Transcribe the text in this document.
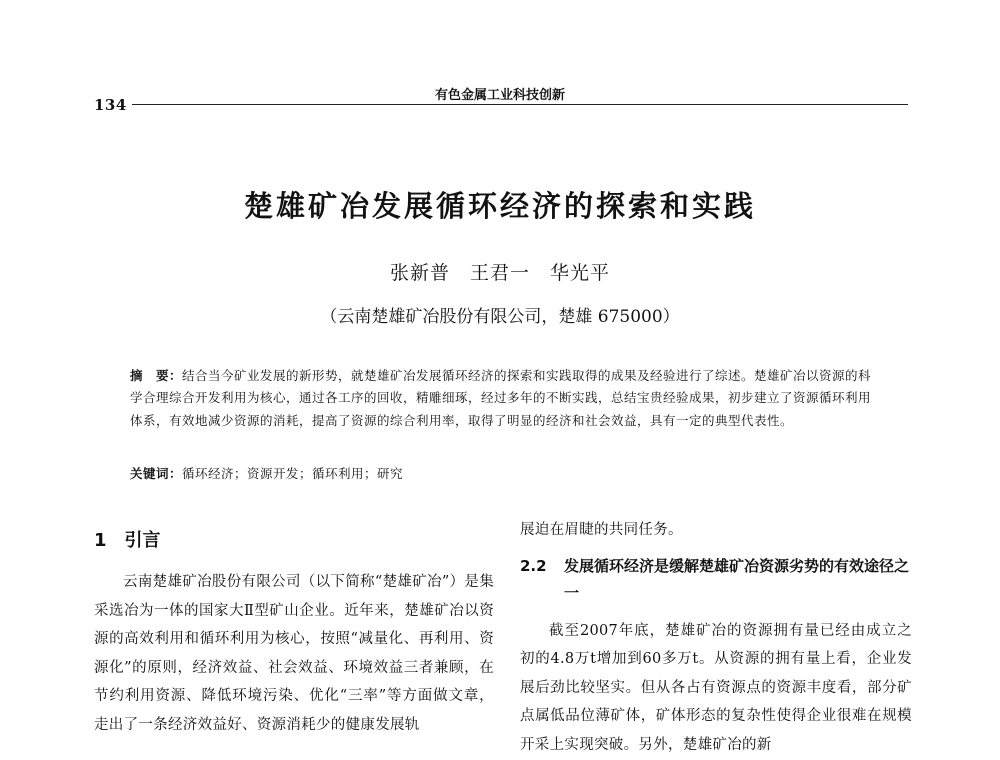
有色金属工业科技创新
134
楚雄矿冶发展循环经济的探索和实践
张新普　王君一　华光平
（云南楚雄矿冶股份有限公司，楚雄 675000）
摘　要：结合当今矿业发展的新形势，就楚雄矿冶发展循环经济的探索和实践取得的成果及经验进行了综述。楚雄矿冶以资源的科学合理综合开发利用为核心，通过各工序的回收，精雕细琢，经过多年的不断实践，总结宝贵经验成果，初步建立了资源循环利用体系，有效地减少资源的消耗，提高了资源的综合利用率，取得了明显的经济和社会效益，具有一定的典型代表性。
关键词：循环经济；资源开发；循环利用；研究
1 引言
云南楚雄矿冶股份有限公司（以下简称“楚雄矿冶”）是集采选冶为一体的国家大Ⅱ型矿山企业。近年来，楚雄矿冶以资源的高效利用和循环利用为核心，按照“减量化、再利用、资源化”的原则，经济效益、社会效益、环境效益三者兼顾，在节约利用资源、降低环境污染、优化“三率”等方面做文章，走出了一条经济效益好、资源消耗少的健康发展轨
展迫在眉睫的共同任务。
2.2	发展循环经济是缓解楚雄矿冶资源劣势的有效途径之一
截至2007年底，楚雄矿冶的资源拥有量已经由成立之初的4.8万t增加到60多万t。从资源的拥有量上看，企业发展后劲比较坚实。但从各占有资源点的资源丰度看，部分矿点属低品位薄矿体，矿体形态的复杂性使得企业很难在规模开采上实现突破。另外，楚雄矿冶的新
